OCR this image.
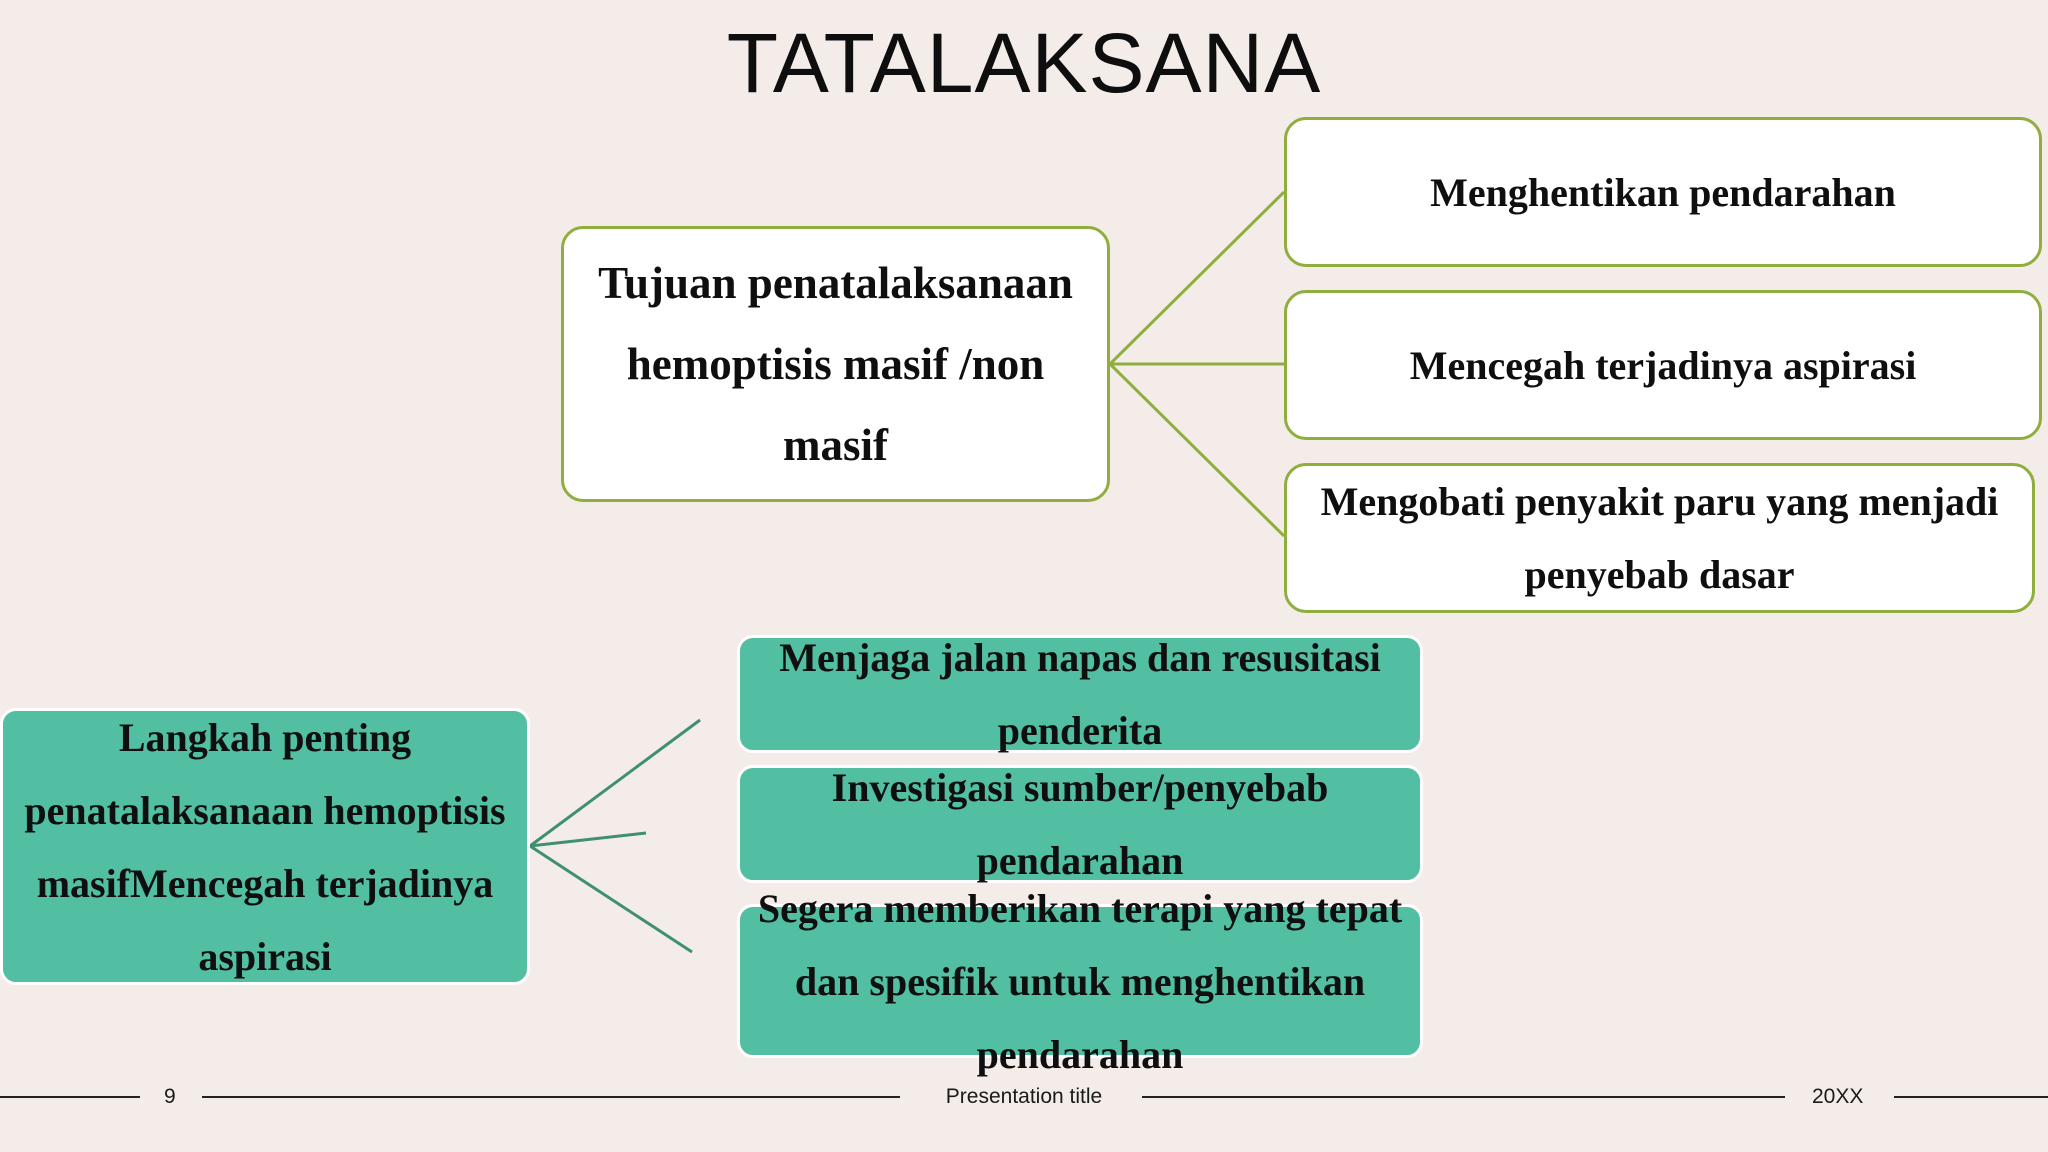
TATALAKSANA
Tujuan penatalaksanaan hemoptisis masif /non masif
Menghentikan pendarahan
Mencegah terjadinya aspirasi
Mengobati penyakit paru yang menjadi penyebab dasar
Langkah penting penatalaksanaan hemoptisis masifMencegah terjadinya aspirasi
Menjaga jalan napas dan resusitasi penderita
Investigasi sumber/penyebab pendarahan
Segera memberikan terapi yang tepat dan spesifik untuk menghentikan pendarahan
9	Presentation title	20XX
